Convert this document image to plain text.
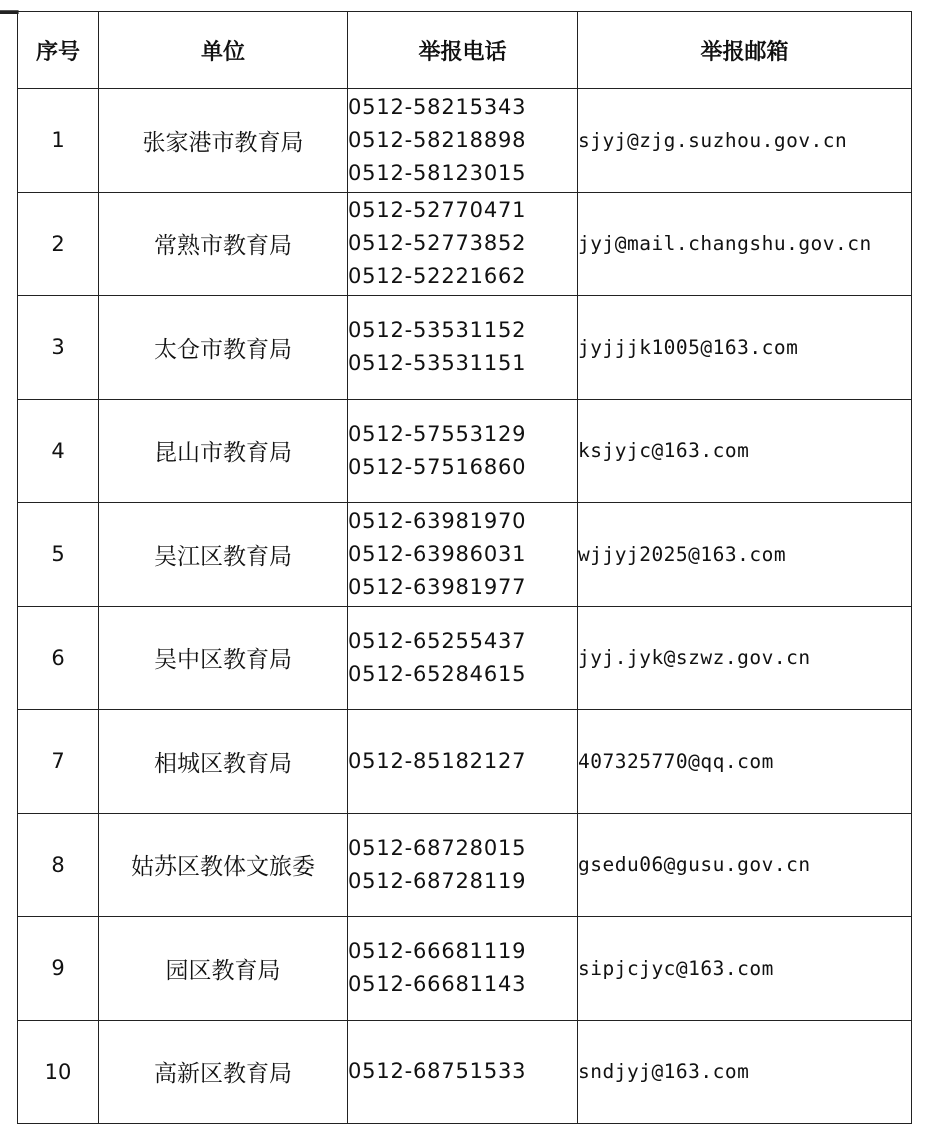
▁
序号	单位	举报电话	举报邮箱
1	张家港市教育局	0512-58215343
0512-58218898
0512-58123015	sjyj@zjg.suzhou.gov.cn
2	常熟市教育局	0512-52770471
0512-52773852
0512-52221662	jyj@mail.changshu.gov.cn
3	太仓市教育局	0512-53531152
0512-53531151	jyjjjk1005@163.com
4	昆山市教育局	0512-57553129
0512-57516860	ksjyjc@163.com
5	吴江区教育局	0512-63981970
0512-63986031
0512-63981977	wjjyj2025@163.com
6	吴中区教育局	0512-65255437
0512-65284615	jyj.jyk@szwz.gov.cn
7	相城区教育局	0512-85182127	407325770@qq.com
8	姑苏区教体文旅委	0512-68728015
0512-68728119	gsedu06@gusu.gov.cn
9	园区教育局	0512-66681119
0512-66681143	sipjcjyc@163.com
10	高新区教育局	0512-68751533	sndjyj@163.com
